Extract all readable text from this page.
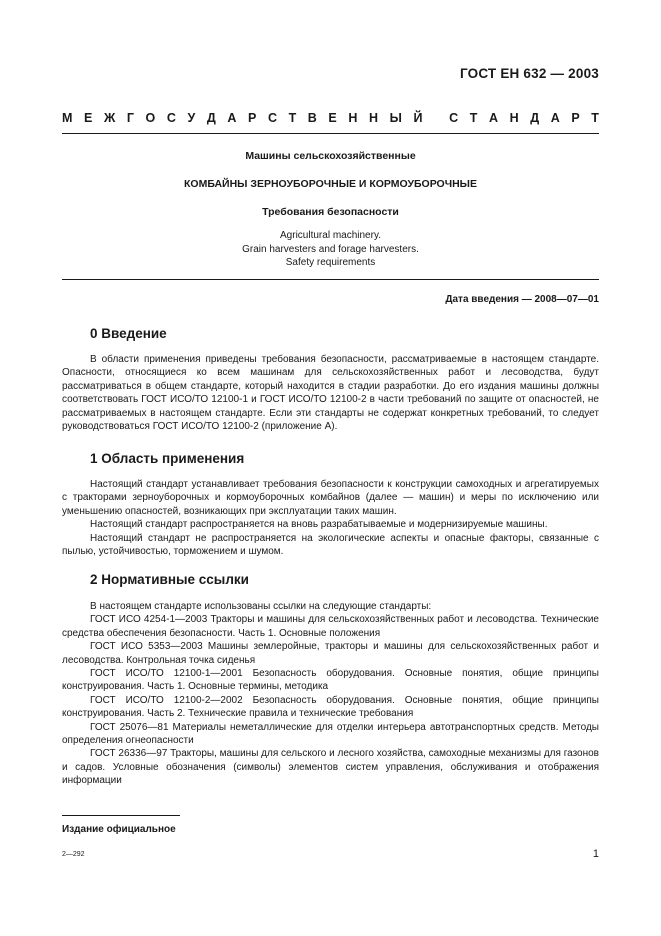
ГОСТ EH 632 — 2003
М Е Ж Г О С У Д А Р С Т В Е Н Н Ы Й
С Т А Н Д А Р Т
Машины сельскохозяйственные
КОМБАЙНЫ ЗЕРНОУБОРОЧНЫЕ И КОРМОУБОРОЧНЫЕ
Требования безопасности
Agricultural machinery.
Grain harvesters and forage harvesters.
Safety requirements
Дата введения — 2008—07—01
0 Введение
В области применения приведены требования безопасности, рассматриваемые в настоящем стандарте. Опасности, относящиеся ко всем машинам для сельскохозяйственных работ и лесоводства, будут рассматриваться в общем стандарте, который находится в стадии разработки. До его издания машины должны соответствовать ГОСТ ИСО/ТО 12100-1 и ГОСТ ИСО/ТО 12100-2 в части требований по защите от опасностей, не рассматриваемых в настоящем стандарте. Если эти стандарты не содержат конкретных требований, то следует руководствоваться ГОСТ ИСО/ТО 12100-2 (приложение А).
1 Область применения
Настоящий стандарт устанавливает требования безопасности к конструкции самоходных и агрегатируемых с тракторами зерноуборочных и кормоуборочных комбайнов (далее — машин) и меры по исключению или уменьшению опасностей, возникающих при эксплуатации таких машин.
Настоящий стандарт распространяется на вновь разрабатываемые и модернизируемые машины.
Настоящий стандарт не распространяется на экологические аспекты и опасные факторы, связанные с пылью, устойчивостью, торможением и шумом.
2 Нормативные ссылки
В настоящем стандарте использованы ссылки на следующие стандарты:
ГОСТ ИСО 4254-1—2003 Тракторы и машины для сельскохозяйственных работ и лесоводства. Технические средства обеспечения безопасности. Часть 1. Основные положения
ГОСТ ИСО 5353—2003 Машины землеройные, тракторы и машины для сельскохозяйственных работ и лесоводства. Контрольная точка сиденья
ГОСТ ИСО/ТО 12100-1—2001 Безопасность оборудования. Основные понятия, общие принципы конструирования. Часть 1. Основные термины, методика
ГОСТ ИСО/ТО 12100-2—2002 Безопасность оборудования. Основные понятия, общие принципы конструирования. Часть 2. Технические правила и технические требования
ГОСТ 25076—81 Материалы неметаллические для отделки интерьера автотранспортных средств. Методы определения огнеопасности
ГОСТ 26336—97 Тракторы, машины для сельского и лесного хозяйства, самоходные механизмы для газонов и садов. Условные обозначения (символы) элементов систем управления, обслуживания и отображения информации
Издание официальное
2—292	1
